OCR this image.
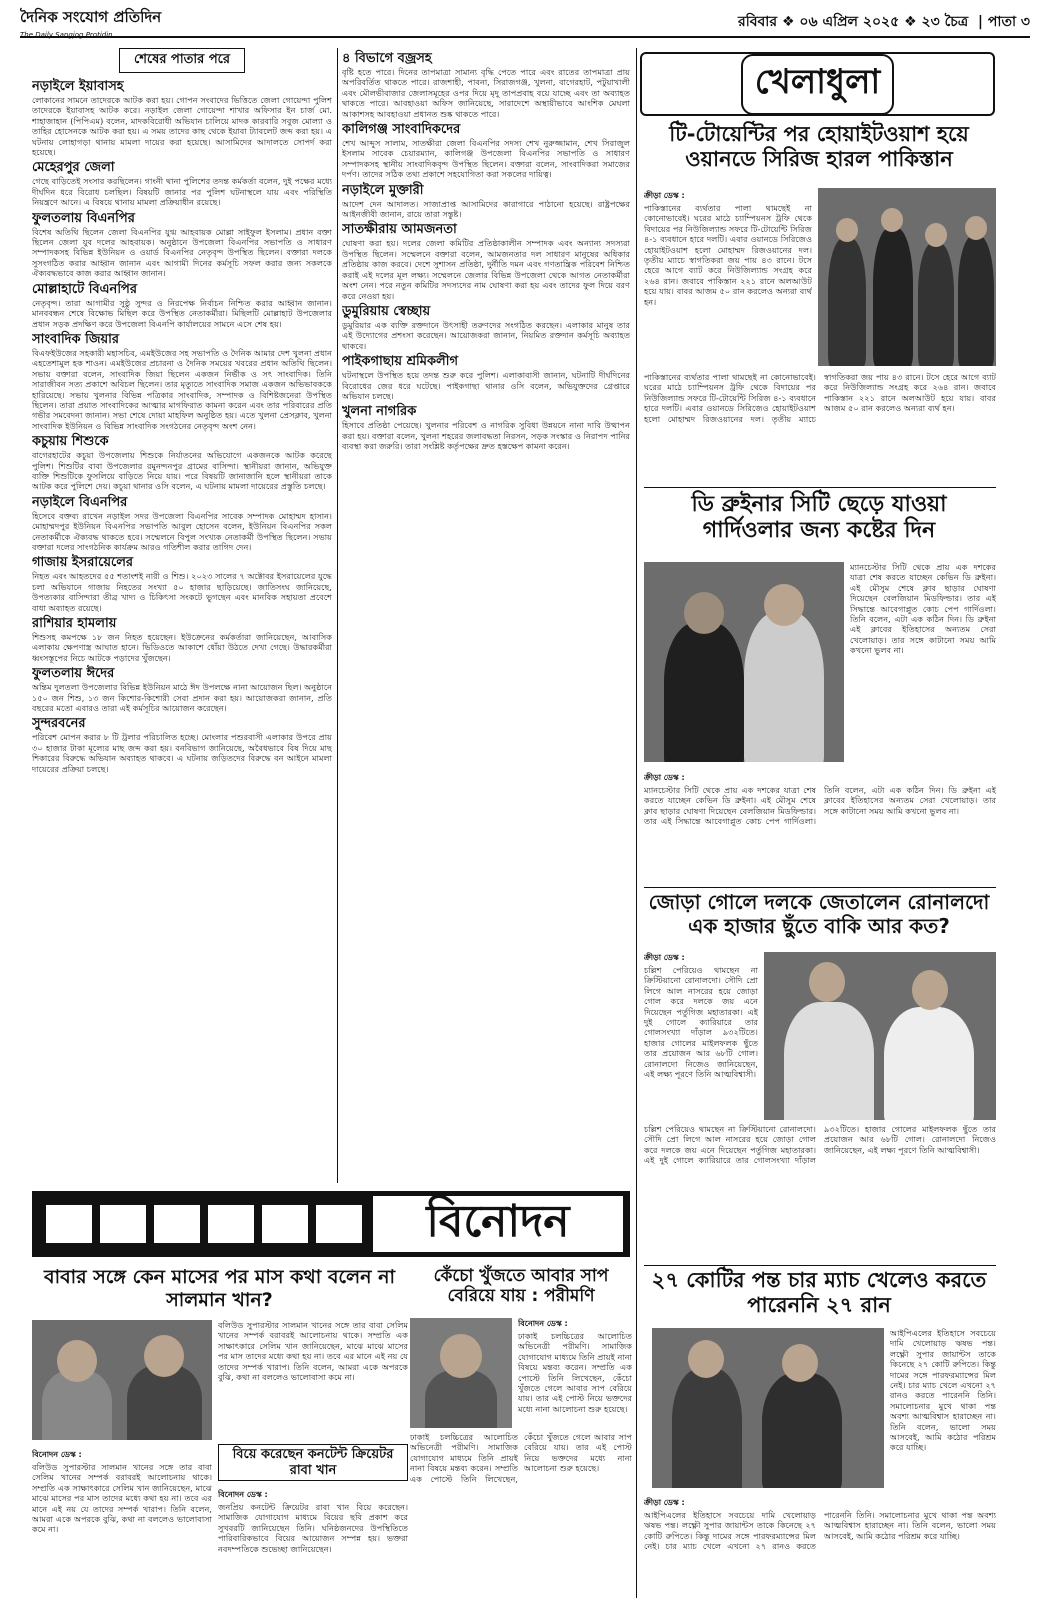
দৈনিক সংযোগ প্রতিদিন
The Daily Sangjog Protidin
রবিবার ❖ ০৬ এপ্রিল ২০২৫ ❖ ২৩ চৈত্র  | পাতা ৩
শেষের পাতার পরে
নড়াইলে ইয়াবাসহ

লোকানের সামনে তাদেরকে আটক করা হয়। গোপন সংবাদের ভিত্তিতে জেলা গোয়েন্দা পুলিশ তাদেরকে ইয়াবাসহ আটক করে। নড়াইল জেলা গোয়েন্দা শাখার অফিসার ইন চার্জ মো. শাহাজাহান (পিপিএম) বলেন, মাদকবিরোধী অভিযান চালিয়ে মাদক কারবারি সবুজ মোল্যা ও তাহির হোসেনকে আটক করা হয়। এ সময় তাদের কাছ থেকে ইয়াবা ট্যাবলেট জব্দ করা হয়। এ ঘটনায় লোহাগড়া থানায় মামলা দায়ের করা হয়েছে। আসামিদের আদালতে সোপর্দ করা হয়েছে।

মেহেরপুর জেলা

গেছে বাড়িতেই সংসার করছিলেন। গাংনী থানা পুলিশের তদন্ত কর্মকর্তা বলেন, দুই পক্ষের মধ্যে দীর্ঘদিন ধরে বিরোধ চলছিল। বিষয়টি জানার পর পুলিশ ঘটনাস্থলে যায় এবং পরিস্থিতি নিয়ন্ত্রণে আনে। এ বিষয়ে থানায় মামলা প্রক্রিয়াধীন রয়েছে।

ফুলতলায় বিএনপির

বিশেষ অতিথি ছিলেন জেলা বিএনপির যুগ্ম আহবায়ক মোল্লা সাইফুল ইসলাম। প্রধান বক্তা ছিলেন জেলা যুব দলের আহবায়ক। অনুষ্ঠানে উপজেলা বিএনপির সভাপতি ও সাধারণ সম্পাদকসহ বিভিন্ন ইউনিয়ন ও ওয়ার্ড বিএনপির নেতৃবৃন্দ উপস্থিত ছিলেন। বক্তারা দলকে সুসংগঠিত করার আহ্বান জানান এবং আগামী দিনের কর্মসূচি সফল করার জন্য সকলকে ঐক্যবদ্ধভাবে কাজ করার আহ্বান জানান।

মোল্লাহাটে বিএনপির

নেতৃবৃন্দ। তারা আগামীর সুষ্ঠু সুন্দর ও নিরপেক্ষ নির্বাচন নিশ্চিত করার আহ্বান জানান। মানববন্ধন শেষে বিক্ষোভ মিছিল করে উপস্থিত নেতাকর্মীরা। মিছিলটি মোল্লাহাট উপজেলার প্রধান সড়ক প্রদক্ষিণ করে উপজেলা বিএনপি কার্যালয়ের সামনে এসে শেষ হয়।

সাংবাদিক জিয়ার

বিএফইউজের সহকারী মহাসচিব, এমইউজের সহ সভাপতি ও দৈনিক আমার দেশ খুলনা প্রধান এহতেশামুল হক শাওন। এমইউজের প্রচারনা ও দৈনিক সময়ের খবরের প্রধান অতিথি ছিলেন। সভায় বক্তারা বলেন, সাংবাদিক জিয়া ছিলেন একজন নির্ভীক ও সৎ সাংবাদিক। তিনি সারাজীবন সত্য প্রকাশে অবিচল ছিলেন। তার মৃত্যুতে সাংবাদিক সমাজ একজন অভিভাবককে হারিয়েছে। সভায় খুলনার বিভিন্ন পত্রিকার সাংবাদিক, সম্পাদক ও বিশিষ্টজনেরা উপস্থিত ছিলেন। তারা প্রয়াত সাংবাদিকের আত্মার মাগফিরাত কামনা করেন এবং তার পরিবারের প্রতি গভীর সমবেদনা জানান। সভা শেষে দোয়া মাহফিল অনুষ্ঠিত হয়। এতে খুলনা প্রেসক্লাব, খুলনা সাংবাদিক ইউনিয়ন ও বিভিন্ন সাংবাদিক সংগঠনের নেতৃবৃন্দ অংশ নেন।

কচুয়ায় শিশুকে

বাগেরহাটের কচুয়া উপজেলায় শিশুকে নির্যাতনের অভিযোগে একজনকে আটক করেছে পুলিশ। শিশুটির বাবা উপজেলার রমুনন্দনপুর গ্রামের বাসিন্দা। স্থানীয়রা জানান, অভিযুক্ত ব্যক্তি শিশুটিকে ফুসলিয়ে বাড়িতে নিয়ে যায়। পরে বিষয়টি জানাজানি হলে স্থানীয়রা তাকে আটক করে পুলিশে দেয়। কচুয়া থানার ওসি বলেন, এ ঘটনায় মামলা দায়েরের প্রস্তুতি চলছে।

নড়াইলে বিএনপির

হিসেবে বক্তব্য রাখেন নড়াইল সদর উপজেলা বিএনপির সাবেক সম্পাদক মোহাম্মদ হাসান। মোহাম্মদপুর ইউনিয়ন বিএনপির সভাপতি আবুল হোসেন বলেন, ইউনিয়ন বিএনপির সকল নেতাকর্মীকে ঐক্যবদ্ধ থাকতে হবে। সম্মেলনে বিপুল সংখ্যক নেতাকর্মী উপস্থিত ছিলেন। সভায় বক্তারা দলের সাংগঠনিক কার্যক্রম আরও গতিশীল করার তাগিদ দেন।

গাজায় ইসরায়েলের

নিহত এবং আহতদের ৫৫ শতাংশই নারী ও শিশু। ২০২৩ সালের ৭ অক্টোবর ইসরায়েলের যুদ্ধে চলা অভিযানে গাজায় নিহতের সংখ্যা ৫০ হাজার ছাড়িয়েছে। জাতিসংঘ জানিয়েছে, উপত্যকার বাসিন্দারা তীব্র খাদ্য ও চিকিৎসা সংকটে ভুগছেন এবং মানবিক সহায়তা প্রবেশে বাধা অব্যাহত রয়েছে।

রাশিয়ার হামলায়

শিশুসহ কমপক্ষে ১৮ জন নিহত হয়েছেন। ইউক্রেনের কর্মকর্তারা জানিয়েছেন, আবাসিক এলাকায় ক্ষেপণাস্ত্র আঘাত হানে। ভিডিওতে আকাশে ধোঁয়া উঠতে দেখা গেছে। উদ্ধারকর্মীরা ধ্বংসস্তূপের নিচে আটকে পড়াদের খুঁজছেন।

ফুলতলায় ঈদের

অন্তিম দুলতলা উপজেলার বিভিন্ন ইউনিয়ন মাঠে ঈদ উপলক্ষে নানা আয়োজন ছিল। অনুষ্ঠানে ১৫০ জন শিশু, ১৩ জন কিশোর-কিশোরী সেবা প্রদান করা হয়। আয়োজকরা জানান, প্রতি বছরের মতো এবারও তারা এই কর্মসূচির আয়োজন করেছেন।

সুন্দরবনের

পরিবেশ মোপন করার ৮ টি ট্রলার পরিচালিত হচ্ছে। মোংলার পশুরবাসী এলাকার উপরে প্রায় ৩০ হাজার টাকা মূল্যের মাছ জব্দ করা হয়। বনবিভাগ জানিয়েছে, অবৈধভাবে বিষ দিয়ে মাছ শিকারের বিরুদ্ধে অভিযান অব্যাহত থাকবে। এ ঘটনায় জড়িতদের বিরুদ্ধে বন আইনে মামলা দায়েরের প্রক্রিয়া চলছে।

৪ বিভাগে বজ্রসহ

বৃষ্টি হতে পারে। দিনের তাপমাত্রা সামান্য বৃদ্ধি পেতে পারে এবং রাতের তাপমাত্রা প্রায় অপরিবর্তিত থাকতে পারে। রাজশাহী, পাবনা, সিরাজগঞ্জ, খুলনা, বাগেরহাট, পটুয়াখালী এবং মৌলভীবাজার জেলাসমূহের ওপর দিয়ে মৃদু তাপপ্রবাহ বয়ে যাচ্ছে এবং তা অব্যাহত থাকতে পারে। আবহাওয়া অফিস জানিয়েছে, সারাদেশে অস্থায়ীভাবে আংশিক মেঘলা আকাশসহ আবহাওয়া প্রধানত শুষ্ক থাকতে পারে।

কালিগঞ্জ সাংবাদিকদের

শেখ আব্দুস সালাম, সাতক্ষীরা জেলা বিএনপির সদস্য শেখ নুরুজ্জামান, শেখ সিরাজুল ইসলাম সাবেক চেয়ারম্যান, কালিগঞ্জ উপজেলা বিএনপির সভাপতি ও সাধারণ সম্পাদকসহ স্থানীয় সাংবাদিকবৃন্দ উপস্থিত ছিলেন। বক্তারা বলেন, সাংবাদিকরা সমাজের দর্পণ। তাদের সঠিক তথ্য প্রকাশে সহযোগিতা করা সকলের দায়িত্ব।

নড়াইলে মুক্তারী

আদেশ দেন আদালত। সাজাপ্রাপ্ত আসামিদের কারাগারে পাঠানো হয়েছে। রাষ্ট্রপক্ষের আইনজীবী জানান, রায়ে তারা সন্তুষ্ট।

সাতক্ষীরায় আমজনতা

ঘোষণা করা হয়। দলের জেলা কমিটির প্রতিষ্ঠাকালীন সম্পাদক এবং অন্যান্য সদস্যরা উপস্থিত ছিলেন। সম্মেলনে বক্তারা বলেন, আমজনতার দল সাধারণ মানুষের অধিকার প্রতিষ্ঠায় কাজ করবে। দেশে সুশাসন প্রতিষ্ঠা, দুর্নীতি দমন এবং গণতান্ত্রিক পরিবেশ নিশ্চিত করাই এই দলের মূল লক্ষ্য। সম্মেলনে জেলার বিভিন্ন উপজেলা থেকে আগত নেতাকর্মীরা অংশ নেন। পরে নতুন কমিটির সদস্যদের নাম ঘোষণা করা হয় এবং তাদের ফুল দিয়ে বরণ করে নেওয়া হয়।

ডুমুরিয়ায় স্বেচ্ছায়

ডুমুরিয়ার এক ব্যক্তি রক্তদানে উৎসাহী তরুণদের সংগঠিত করছেন। এলাকার মানুষ তার এই উদ্যোগের প্রশংসা করেছেন। আয়োজকরা জানান, নিয়মিত রক্তদান কর্মসূচি অব্যাহত থাকবে।

পাইকগাছায় শ্রমিকলীগ

ঘটনাস্থলে উপস্থিত হয়ে তদন্ত শুরু করে পুলিশ। এলাকাবাসী জানান, ঘটনাটি দীর্ঘদিনের বিরোধের জের ধরে ঘটেছে। পাইকগাছা থানার ওসি বলেন, অভিযুক্তদের গ্রেপ্তারে অভিযান চলছে।

খুলনা নাগরিক

হিসাবে প্রতিষ্ঠা পেয়েছে। খুলনার পরিবেশ ও নাগরিক সুবিধা উন্নয়নে নানা দাবি উত্থাপন করা হয়। বক্তারা বলেন, খুলনা শহরের জলাবদ্ধতা নিরসন, সড়ক সংস্কার ও নিরাপদ পানির ব্যবস্থা করা জরুরি। তারা সংশ্লিষ্ট কর্তৃপক্ষের দ্রুত হস্তক্ষেপ কামনা করেন।

খেলাধুলা
টি-টোয়েন্টির পর হোয়াইটওয়াশ হয়ে ওয়ানডে সিরিজ হারল পাকিস্তান
ক্রীড়া ডেস্ক :

পাকিস্তানের ব্যর্থতার পালা থামছেই না কোনোভাবেই। ঘরের মাঠে চ্যাম্পিয়নস ট্রফি থেকে বিদায়ের পর নিউজিল্যান্ড সফরে টি-টোয়েন্টি সিরিজ ৪-১ ব্যবধানে হারে দলটি। এবার ওয়ানডে সিরিজেও হোয়াইটওয়াশ হলো মোহাম্মদ রিজওয়ানের দল। তৃতীয় ম্যাচে স্বাগতিকরা জয় পায় ৪৩ রানে। টসে হেরে আগে ব্যাট করে নিউজিল্যান্ড সংগ্রহ করে ২৬৪ রান। জবাবে পাকিস্তান ২২১ রানে অলআউট হয়ে যায়। বাবর আজম ৫০ রান করলেও অন্যরা ব্যর্থ হন।

পাকিস্তানের ব্যর্থতার পালা থামছেই না কোনোভাবেই। ঘরের মাঠে চ্যাম্পিয়নস ট্রফি থেকে বিদায়ের পর নিউজিল্যান্ড সফরে টি-টোয়েন্টি সিরিজ ৪-১ ব্যবধানে হারে দলটি। এবার ওয়ানডে সিরিজেও হোয়াইটওয়াশ হলো মোহাম্মদ রিজওয়ানের দল। তৃতীয় ম্যাচে স্বাগতিকরা জয় পায় ৪৩ রানে। টসে হেরে আগে ব্যাট করে নিউজিল্যান্ড সংগ্রহ করে ২৬৪ রান। জবাবে পাকিস্তান ২২১ রানে অলআউট হয়ে যায়। বাবর আজম ৫০ রান করলেও অন্যরা ব্যর্থ হন।

ডি ব্রুইনার সিটি ছেড়ে যাওয়া গার্দিওলার জন্য কষ্টের দিন

ম্যানচেস্টার সিটি থেকে প্রায় এক দশকের যাত্রা শেষ করতে যাচ্ছেন কেভিন ডি ব্রুইনা। এই মৌসুম শেষে ক্লাব ছাড়ার ঘোষণা দিয়েছেন বেলজিয়ান মিডফিল্ডার। তার এই সিদ্ধান্তে আবেগাপ্লুত কোচ পেপ গার্দিওলা। তিনি বলেন, এটা এক কঠিন দিন। ডি ব্রুইনা এই ক্লাবের ইতিহাসের অন্যতম সেরা খেলোয়াড়। তার সঙ্গে কাটানো সময় আমি কখনো ভুলব না।

ক্রীড়া ডেস্ক :

ম্যানচেস্টার সিটি থেকে প্রায় এক দশকের যাত্রা শেষ করতে যাচ্ছেন কেভিন ডি ব্রুইনা। এই মৌসুম শেষে ক্লাব ছাড়ার ঘোষণা দিয়েছেন বেলজিয়ান মিডফিল্ডার। তার এই সিদ্ধান্তে আবেগাপ্লুত কোচ পেপ গার্দিওলা। তিনি বলেন, এটা এক কঠিন দিন। ডি ব্রুইনা এই ক্লাবের ইতিহাসের অন্যতম সেরা খেলোয়াড়। তার সঙ্গে কাটানো সময় আমি কখনো ভুলব না।

জোড়া গোলে দলকে জেতালেন রোনালদো এক হাজার ছুঁতে বাকি আর কত?
ক্রীড়া ডেস্ক :

চল্লিশ পেরিয়েও থামছেন না ক্রিস্টিয়ানো রোনালদো। সৌদি প্রো লিগে আল নাসরের হয়ে জোড়া গোল করে দলকে জয় এনে দিয়েছেন পর্তুগিজ মহাতারকা। এই দুই গোলে ক্যারিয়ারে তার গোলসংখ্যা দাঁড়াল ৯৩২টিতে। হাজার গোলের মাইলফলক ছুঁতে তার প্রয়োজন আর ৬৮টি গোল। রোনালদো নিজেও জানিয়েছেন, এই লক্ষ্য পূরণে তিনি আত্মবিশ্বাসী।

চল্লিশ পেরিয়েও থামছেন না ক্রিস্টিয়ানো রোনালদো। সৌদি প্রো লিগে আল নাসরের হয়ে জোড়া গোল করে দলকে জয় এনে দিয়েছেন পর্তুগিজ মহাতারকা। এই দুই গোলে ক্যারিয়ারে তার গোলসংখ্যা দাঁড়াল ৯৩২টিতে। হাজার গোলের মাইলফলক ছুঁতে তার প্রয়োজন আর ৬৮টি গোল। রোনালদো নিজেও জানিয়েছেন, এই লক্ষ্য পূরণে তিনি আত্মবিশ্বাসী।

২৭ কোটির পন্ত চার ম্যাচ খেলেও করতে পারেননি ২৭ রান

আইপিএলের ইতিহাসে সবচেয়ে দামি খেলোয়াড় ঋষভ পন্ত। লক্ষ্ণৌ সুপার জায়ান্টস তাকে কিনেছে ২৭ কোটি রুপিতে। কিন্তু দামের সঙ্গে পারফরম্যান্সের মিল নেই। চার ম্যাচ খেলে এখনো ২৭ রানও করতে পারেননি তিনি। সমালোচনার মুখে থাকা পন্ত অবশ্য আত্মবিশ্বাস হারাচ্ছেন না। তিনি বলেন, ভালো সময় আসবেই, আমি কঠোর পরিশ্রম করে যাচ্ছি।

ক্রীড়া ডেস্ক :

আইপিএলের ইতিহাসে সবচেয়ে দামি খেলোয়াড় ঋষভ পন্ত। লক্ষ্ণৌ সুপার জায়ান্টস তাকে কিনেছে ২৭ কোটি রুপিতে। কিন্তু দামের সঙ্গে পারফরম্যান্সের মিল নেই। চার ম্যাচ খেলে এখনো ২৭ রানও করতে পারেননি তিনি। সমালোচনার মুখে থাকা পন্ত অবশ্য আত্মবিশ্বাস হারাচ্ছেন না। তিনি বলেন, ভালো সময় আসবেই, আমি কঠোর পরিশ্রম করে যাচ্ছি।

বিনোদন
বাবার সঙ্গে কেন মাসের পর মাস কথা বলেন না সালমান খান?

বলিউড সুপারস্টার সালমান খানের সঙ্গে তার বাবা সেলিম খানের সম্পর্ক বরাবরই আলোচনায় থাকে। সম্প্রতি এক সাক্ষাৎকারে সেলিম খান জানিয়েছেন, মাঝে মাঝে মাসের পর মাস তাদের মধ্যে কথা হয় না। তবে এর মানে এই নয় যে তাদের সম্পর্ক খারাপ। তিনি বলেন, আমরা একে অপরকে বুঝি, কথা না বললেও ভালোবাসা কমে না।

বিনোদন ডেস্ক :

বলিউড সুপারস্টার সালমান খানের সঙ্গে তার বাবা সেলিম খানের সম্পর্ক বরাবরই আলোচনায় থাকে। সম্প্রতি এক সাক্ষাৎকারে সেলিম খান জানিয়েছেন, মাঝে মাঝে মাসের পর মাস তাদের মধ্যে কথা হয় না। তবে এর মানে এই নয় যে তাদের সম্পর্ক খারাপ। তিনি বলেন, আমরা একে অপরকে বুঝি, কথা না বললেও ভালোবাসা কমে না।

কেঁচো খুঁজতে আবার সাপ বেরিয়ে যায় : পরীমণি
বিনোদন ডেস্ক :

ঢাকাই চলচ্চিত্রের আলোচিত অভিনেত্রী পরীমণি। সামাজিক যোগাযোগ মাধ্যমে তিনি প্রায়ই নানা বিষয়ে মন্তব্য করেন। সম্প্রতি এক পোস্টে তিনি লিখেছেন, কেঁচো খুঁজতে গেলে আবার সাপ বেরিয়ে যায়। তার এই পোস্ট নিয়ে ভক্তদের মধ্যে নানা আলোচনা শুরু হয়েছে।

বিয়ে করেছেন কনটেন্ট ক্রিয়েটর রাবা খান
বিনোদন ডেস্ক :

জনপ্রিয় কনটেন্ট ক্রিয়েটর রাবা খান বিয়ে করেছেন। সামাজিক যোগাযোগ মাধ্যমে বিয়ের ছবি প্রকাশ করে সুখবরটি জানিয়েছেন তিনি। ঘনিষ্ঠজনদের উপস্থিতিতে পারিবারিকভাবে বিয়ের আয়োজন সম্পন্ন হয়। ভক্তরা নবদম্পতিকে শুভেচ্ছা জানিয়েছেন।

ঢাকাই চলচ্চিত্রের আলোচিত অভিনেত্রী পরীমণি। সামাজিক যোগাযোগ মাধ্যমে তিনি প্রায়ই নানা বিষয়ে মন্তব্য করেন। সম্প্রতি এক পোস্টে তিনি লিখেছেন, কেঁচো খুঁজতে গেলে আবার সাপ বেরিয়ে যায়। তার এই পোস্ট নিয়ে ভক্তদের মধ্যে নানা আলোচনা শুরু হয়েছে।
